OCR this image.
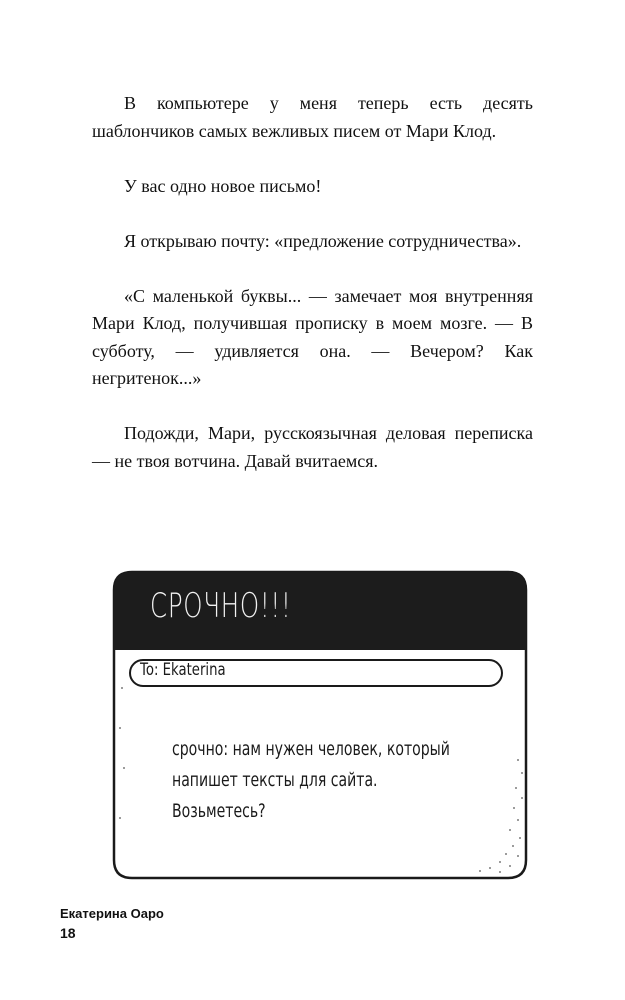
В компьютере у меня теперь есть десять шаблончиков самых вежливых писем от Мари Клод.

У вас одно новое письмо!

Я открываю почту: «предложение сотрудничества».

«С маленькой буквы... — замечает моя внутренняя Мари Клод, получившая прописку в моем мозге. — В субботу, — удивляется она. — Вечером? Как негритенок...»

Подожди, Мари, русскоязычная деловая переписка — не твоя вотчина. Давай вчитаемся.

СРОЧНО!!!
To: Ekaterina
срочно: нам нужен человек, который
напишет тексты для сайта.
Возьметесь?
Екатерина Оаро
18
